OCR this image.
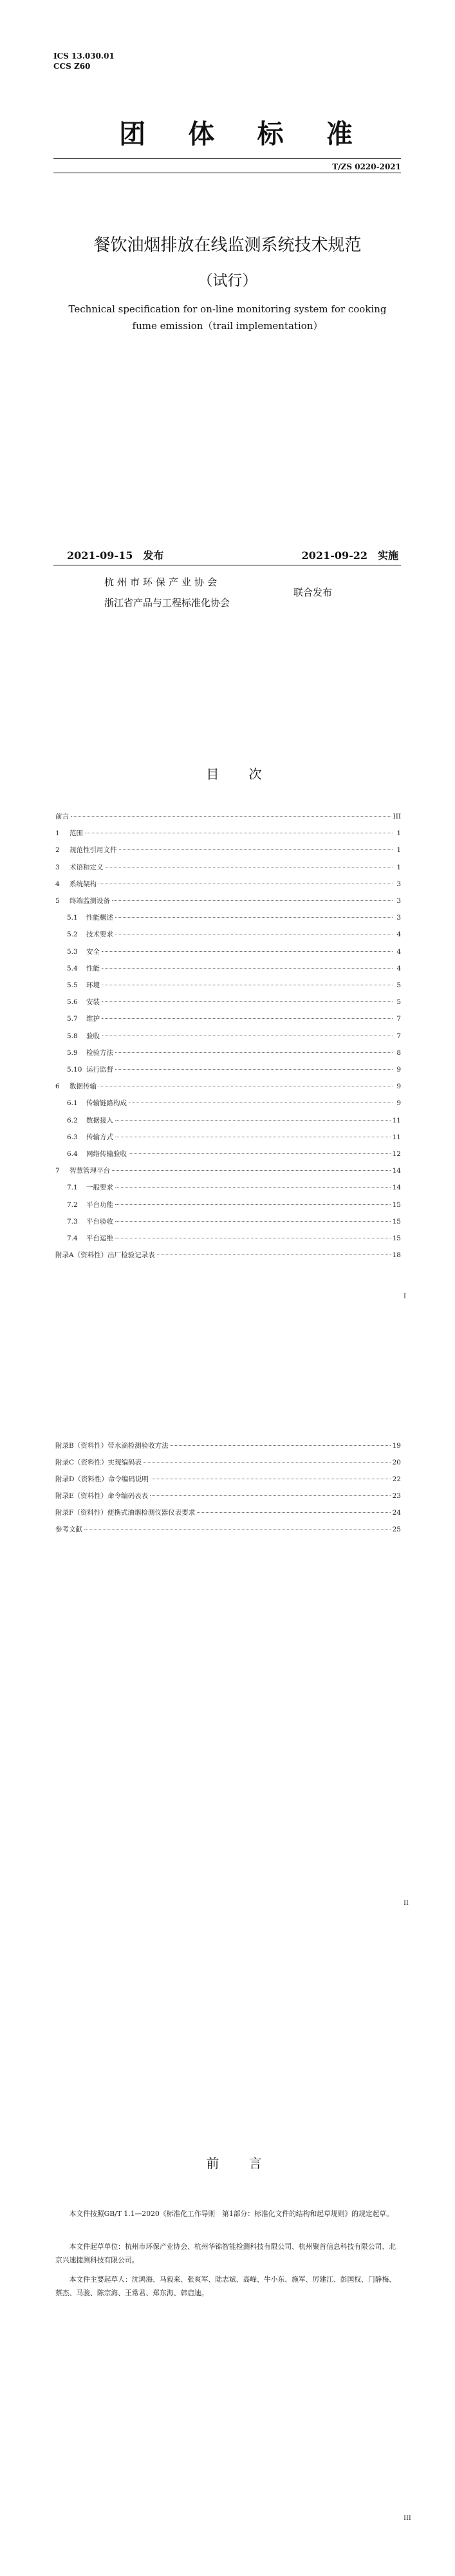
ICS 13.030.01
CCS Z60
团 体 标 准
T/ZS 0220-2021
餐饮油烟排放在线监测系统技术规范
（试行）
Technical specification for on-line monitoring system for cooking
fume emission（trail implementation）
2021-09-15　发布	2021-09-22　实施
杭州市环保产业协会
浙江省产品与工程标准化协会
联合发布
目 次
前言	III
1 范围	1
2 规范性引用文件	1
3 术语和定义	1
4 系统架构	3
5 终端监测设备	3
5.1 性能概述	3
5.2 技术要求	4
5.3 安全	4
5.4 性能	4
5.5 环境	5
5.6 安装	5
5.7 维护	7
5.8 验收	7
5.9 检验方法	8
5.10 运行监督	9
6 数据传输	9
6.1 传输链路构成	9
6.2 数据接入	11
6.3 传输方式	11
6.4 网络传输验收	12
7 智慧管理平台	14
7.1 一般要求	14
7.2 平台功能	15
7.3 平台验收	15
7.4 平台运维	15
附录A（资料性）出厂检验记录表	18
I
附录B（资料性）带水滴检测验收方法	19
附录C（资料性）实现编码表	20
附录D（资料性）命令编码说明	22
附录E（资料性）命令编码表表	23
附录F（资料性）便携式油烟检测仪器仪表要求	24
参考文献	25
II
前 言
本文件按照GB/T 1.1—2020《标准化工作导则　第1部分：标准化文件的结构和起草规则》的规定起草。
本文件起草单位：杭州市环保产业协会、杭州华锦智能检测科技有限公司、杭州聚首信息科技有限公司、北京兴速捷测科技有限公司。
本文件主要起草人：沈鸿海、马毅来、张爽军、陆志斌、高峰、牛小东、施军、厉建江、彭国权、门静梅、蔡杰、马骏、陈宗海、王常君、郑东海、韩启迪。
III
